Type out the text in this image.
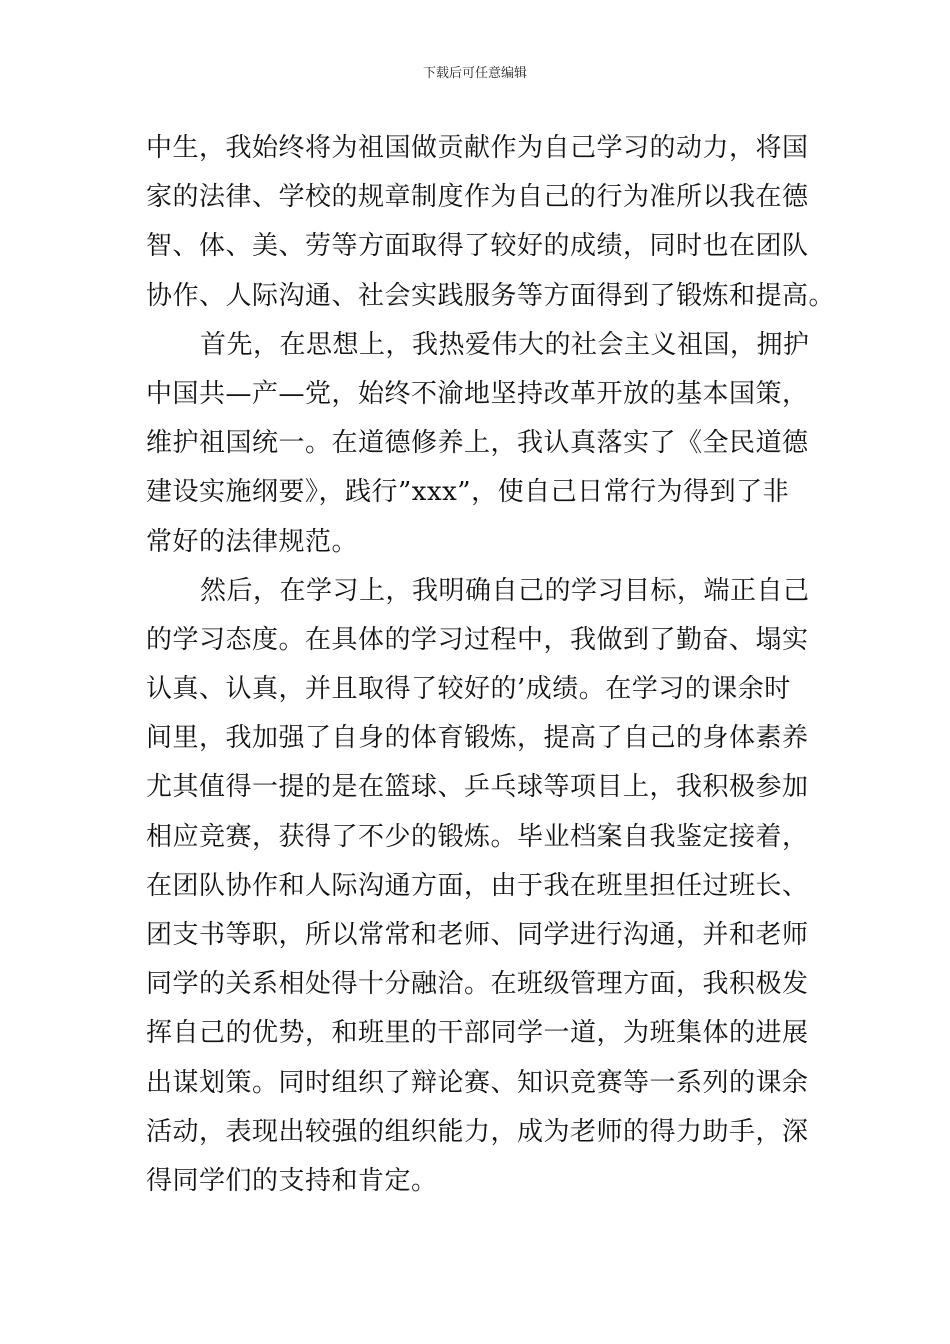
下载后可任意编辑
中生，我始终将为祖国做贡献作为自己学习的动力，将国
家的法律、学校的规章制度作为自己的行为准所以我在德
智、体、美、劳等方面取得了较好的成绩，同时也在团队
协作、人际沟通、社会实践服务等方面得到了锻炼和提高。
首先，在思想上，我热爱伟大的社会主义祖国，拥护
中国共—产—党，始终不渝地坚持改革开放的基本国策，
维护祖国统一。在道德修养上，我认真落实了《全民道德
建设实施纲要》，践行”xxx”，使自己日常行为得到了非
常好的法律规范。
然后，在学习上，我明确自己的学习目标，端正自己
的学习态度。在具体的学习过程中，我做到了勤奋、塌实
认真、认真，并且取得了较好的’成绩。在学习的课余时
间里，我加强了自身的体育锻炼，提高了自己的身体素养
尤其值得一提的是在篮球、乒乓球等项目上，我积极参加
相应竞赛，获得了不少的锻炼。毕业档案自我鉴定接着，
在团队协作和人际沟通方面，由于我在班里担任过班长、
团支书等职，所以常常和老师、同学进行沟通，并和老师
同学的关系相处得十分融洽。在班级管理方面，我积极发
挥自己的优势，和班里的干部同学一道，为班集体的进展
出谋划策。同时组织了辩论赛、知识竞赛等一系列的课余
活动，表现出较强的组织能力，成为老师的得力助手，深
得同学们的支持和肯定。
